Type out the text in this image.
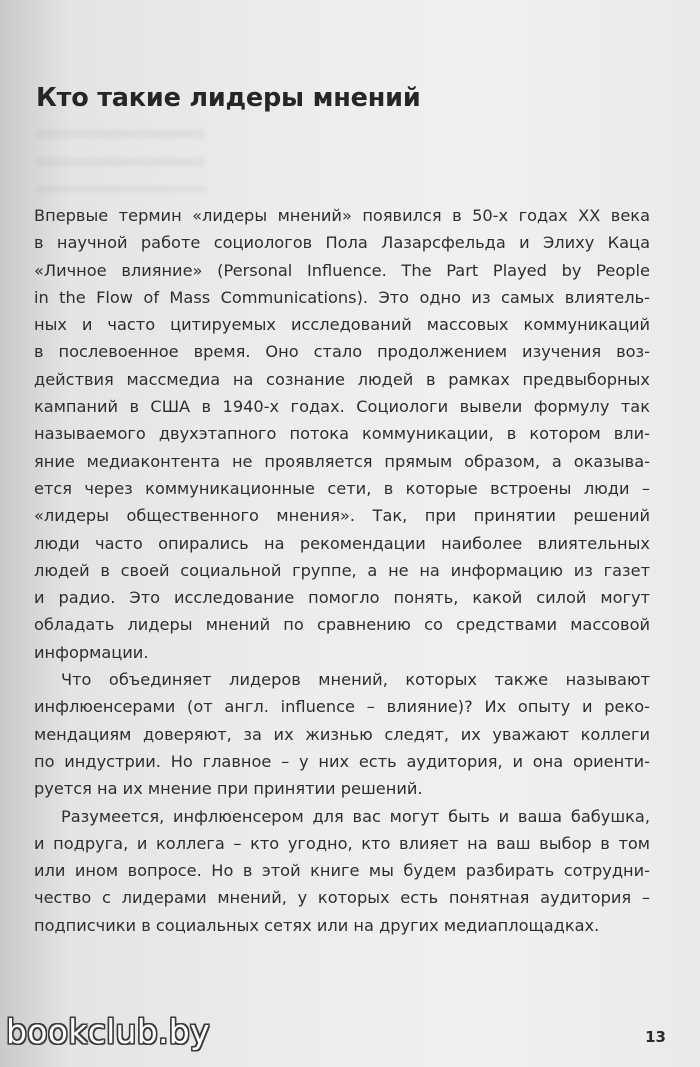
Кто такие лидеры мнений
Впервые термин «лидеры мнений» появился в 50-х годах XX века
в научной работе социологов Пола Лазарсфельда и Элиху Каца
«Личное влияние» (Personal Influence. The Part Played by People
in the Flow of Mass Communications). Это одно из самых влиятель-
ных и часто цитируемых исследований массовых коммуникаций
в послевоенное время. Оно стало продолжением изучения воз-
действия массмедиа на сознание людей в рамках предвыборных
кампаний в США в 1940-х годах. Социологи вывели формулу так
называемого двухэтапного потока коммуникации, в котором вли-
яние медиаконтента не проявляется прямым образом, а оказыва-
ется через коммуникационные сети, в которые встроены люди –
«лидеры общественного мнения». Так, при принятии решений
люди часто опирались на рекомендации наиболее влиятельных
людей в своей социальной группе, а не на информацию из газет
и радио. Это исследование помогло понять, какой силой могут
обладать лидеры мнений по сравнению со средствами массовой
информации.
Что объединяет лидеров мнений, которых также называют
инфлюенсерами (от англ. influence – влияние)? Их опыту и реко-
мендациям доверяют, за их жизнью следят, их уважают коллеги
по индустрии. Но главное – у них есть аудитория, и она ориенти-
руется на их мнение при принятии решений.
Разумеется, инфлюенсером для вас могут быть и ваша бабушка,
и подруга, и коллега – кто угодно, кто влияет на ваш выбор в том
или ином вопросе. Но в этой книге мы будем разбирать сотрудни-
чество с лидерами мнений, у которых есть понятная аудитория –
подписчики в социальных сетях или на других медиаплощадках.
bookclub.by	13
